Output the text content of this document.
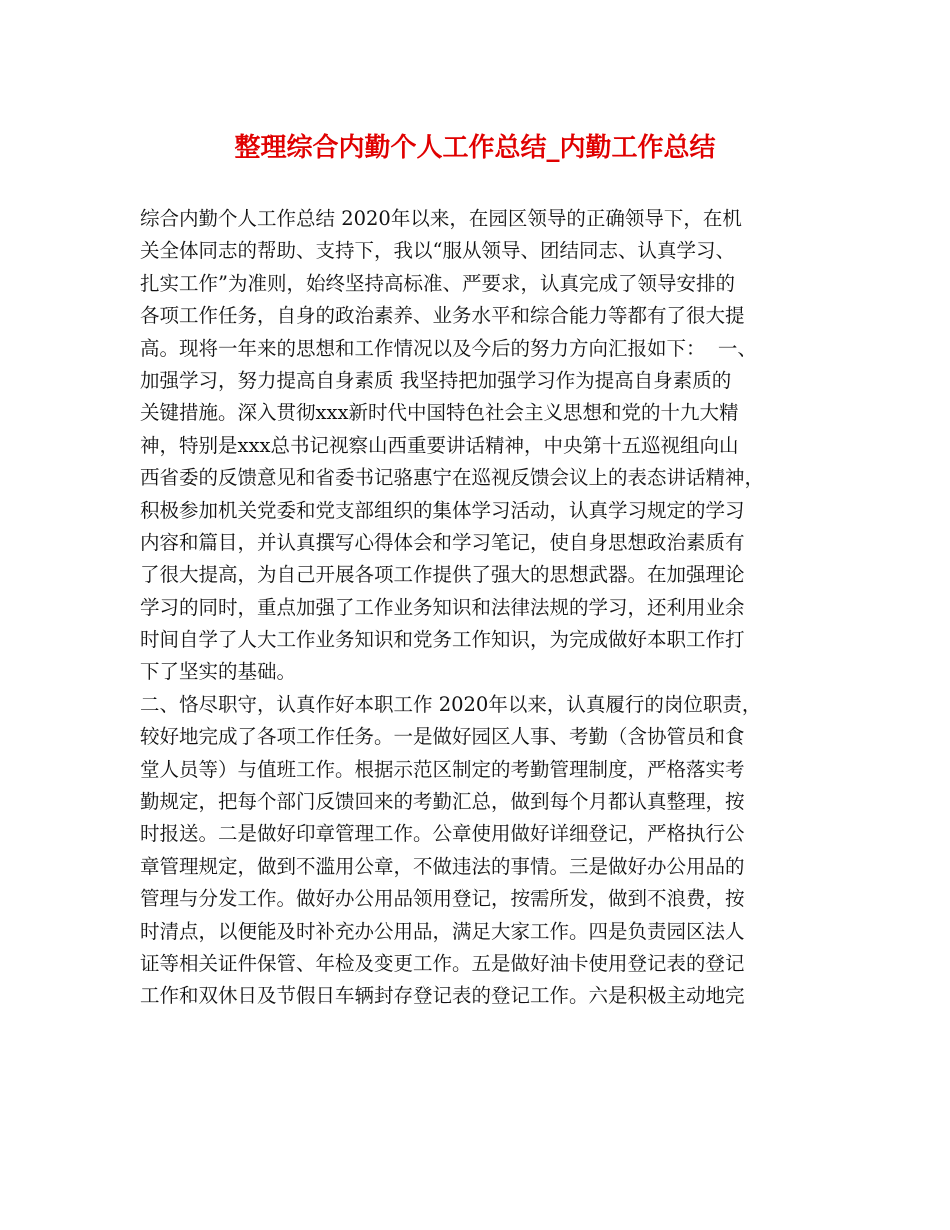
整理综合内勤个人工作总结_内勤工作总结
综合内勤个人工作总结 2020年以来，在园区领导的正确领导下，在机
关全体同志的帮助、支持下，我以“服从领导、团结同志、认真学习、
扎实工作”为准则，始终坚持高标准、严要求，认真完成了领导安排的
各项工作任务，自身的政治素养、业务水平和综合能力等都有了很大提
高。现将一年来的思想和工作情况以及今后的努力方向汇报如下：  一、
加强学习，努力提高自身素质 我坚持把加强学习作为提高自身素质的
关键措施。深入贯彻xxx新时代中国特色社会主义思想和党的十九大精
神，特别是xxx总书记视察山西重要讲话精神，中央第十五巡视组向山
西省委的反馈意见和省委书记骆惠宁在巡视反馈会议上的表态讲话精神，
积极参加机关党委和党支部组织的集体学习活动，认真学习规定的学习
内容和篇目，并认真撰写心得体会和学习笔记，使自身思想政治素质有
了很大提高，为自己开展各项工作提供了强大的思想武器。在加强理论
学习的同时，重点加强了工作业务知识和法律法规的学习，还利用业余
时间自学了人大工作业务知识和党务工作知识，为完成做好本职工作打
下了坚实的基础。
二、恪尽职守，认真作好本职工作 2020年以来，认真履行的岗位职责，
较好地完成了各项工作任务。一是做好园区人事、考勤（含协管员和食
堂人员等）与值班工作。根据示范区制定的考勤管理制度，严格落实考
勤规定，把每个部门反馈回来的考勤汇总，做到每个月都认真整理，按
时报送。二是做好印章管理工作。公章使用做好详细登记，严格执行公
章管理规定，做到不滥用公章，不做违法的事情。三是做好办公用品的
管理与分发工作。做好办公用品领用登记，按需所发，做到不浪费，按
时清点，以便能及时补充办公用品，满足大家工作。四是负责园区法人
证等相关证件保管、年检及变更工作。五是做好油卡使用登记表的登记
工作和双休日及节假日车辆封存登记表的登记工作。六是积极主动地完
